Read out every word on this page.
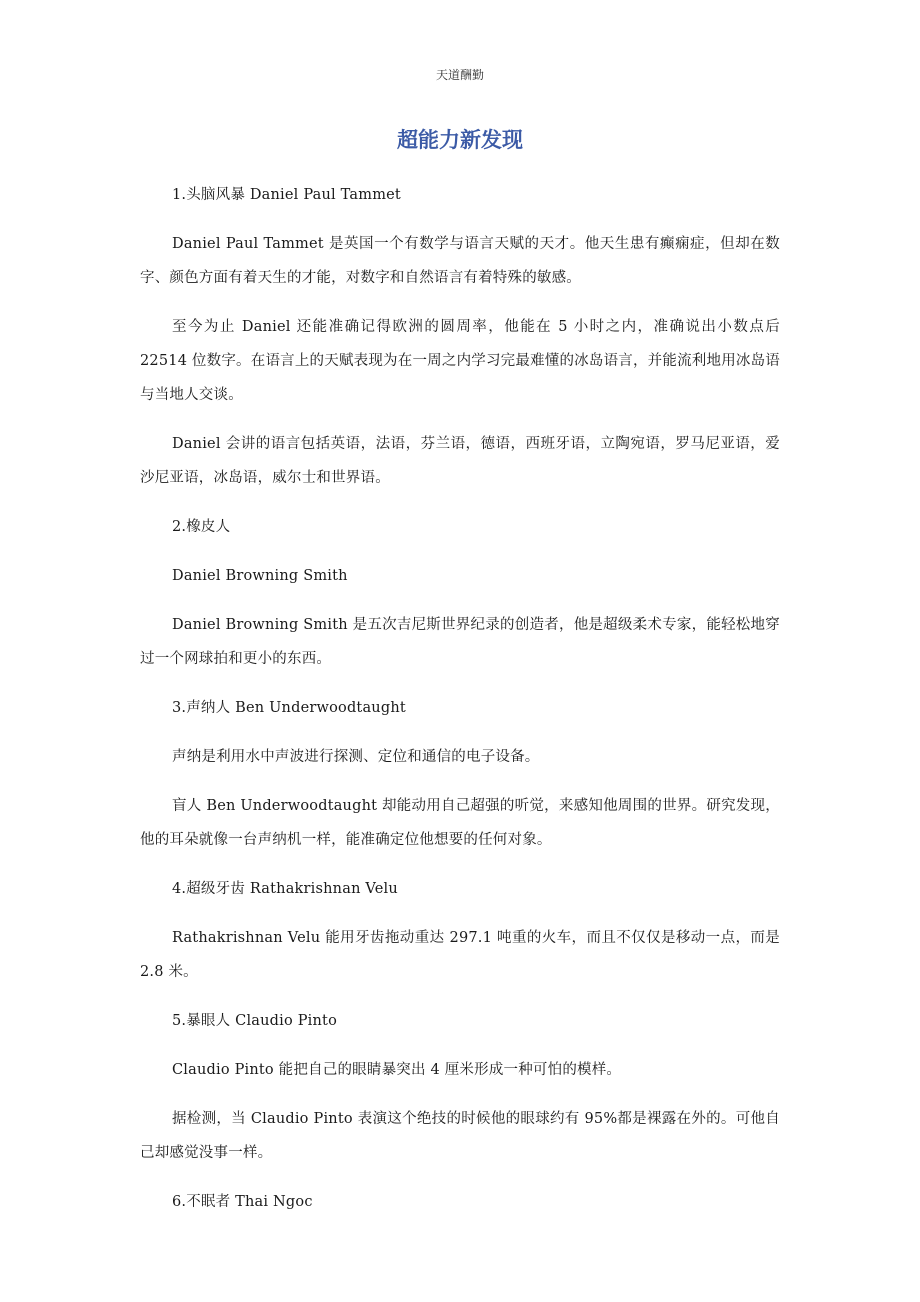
天道酬勤
超能力新发现

1.头脑风暴 Daniel Paul Tammet

Daniel Paul Tammet 是英国一个有数学与语言天赋的天才。他天生患有癫痫症，但却在数字、颜色方面有着天生的才能，对数字和自然语言有着特殊的敏感。

至今为止 Daniel 还能准确记得欧洲的圆周率，他能在 5 小时之内，准确说出小数点后 22514 位数字。在语言上的天赋表现为在一周之内学习完最难懂的冰岛语言，并能流利地用冰岛语与当地人交谈。

Daniel 会讲的语言包括英语，法语，芬兰语，德语，西班牙语，立陶宛语，罗马尼亚语，爱沙尼亚语，冰岛语，威尔士和世界语。

2.橡皮人

Daniel Browning Smith

Daniel Browning Smith 是五次吉尼斯世界纪录的创造者，他是超级柔术专家，能轻松地穿过一个网球拍和更小的东西。

3.声纳人 Ben Underwoodtaught

声纳是利用水中声波进行探测、定位和通信的电子设备。

盲人 Ben Underwoodtaught 却能动用自己超强的听觉，来感知他周围的世界。研究发现，他的耳朵就像一台声纳机一样，能准确定位他想要的任何对象。

4.超级牙齿 Rathakrishnan Velu

Rathakrishnan Velu 能用牙齿拖动重达 297.1 吨重的火车，而且不仅仅是移动一点，而是 2.8 米。

5.暴眼人 Claudio Pinto

Claudio Pinto 能把自己的眼睛暴突出 4 厘米形成一种可怕的模样。

据检测，当 Claudio Pinto 表演这个绝技的时候他的眼球约有 95%都是裸露在外的。可他自己却感觉没事一样。

6.不眠者 Thai Ngoc
